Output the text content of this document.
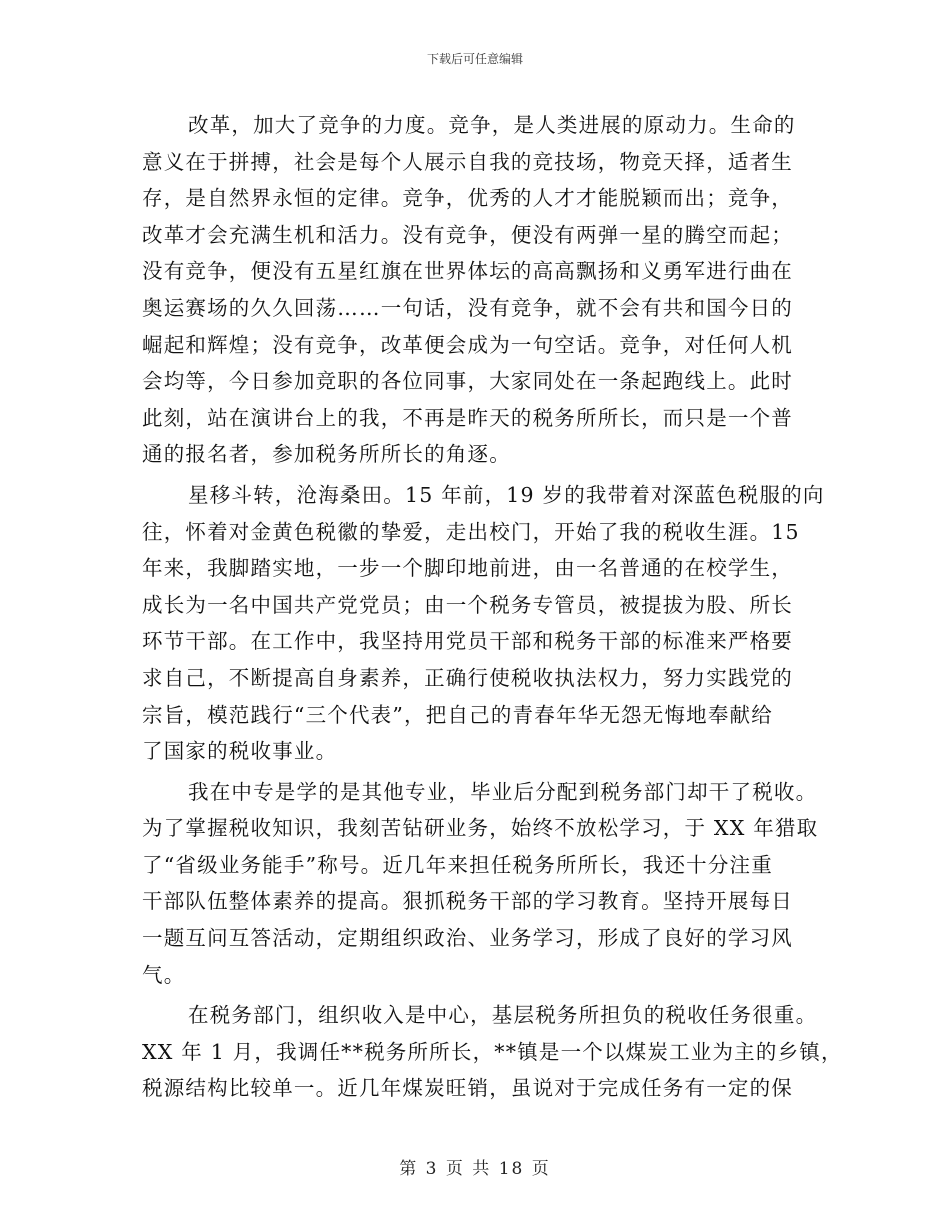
下载后可任意编辑
改革，加大了竞争的力度。竞争，是人类进展的原动力。生命的
意义在于拼搏，社会是每个人展示自我的竞技场，物竞天择，适者生
存，是自然界永恒的定律。竞争，优秀的人才才能脱颖而出；竞争，
改革才会充满生机和活力。没有竞争，便没有两弹一星的腾空而起；
没有竞争，便没有五星红旗在世界体坛的高高飘扬和义勇军进行曲在
奥运赛场的久久回荡……一句话，没有竞争，就不会有共和国今日的
崛起和辉煌；没有竞争，改革便会成为一句空话。竞争，对任何人机
会均等，今日参加竞职的各位同事，大家同处在一条起跑线上。此时
此刻，站在演讲台上的我，不再是昨天的税务所所长，而只是一个普
通的报名者，参加税务所所长的角逐。
星移斗转，沧海桑田。15 年前，19 岁的我带着对深蓝色税服的向
往，怀着对金黄色税徽的挚爱，走出校门，开始了我的税收生涯。15
年来，我脚踏实地，一步一个脚印地前进，由一名普通的在校学生，
成长为一名中国共产党党员；由一个税务专管员，被提拔为股、所长
环节干部。在工作中，我坚持用党员干部和税务干部的标准来严格要
求自己，不断提高自身素养，正确行使税收执法权力，努力实践党的
宗旨，模范践行“三个代表”，把自己的青春年华无怨无悔地奉献给
了国家的税收事业。
我在中专是学的是其他专业，毕业后分配到税务部门却干了税收。
为了掌握税收知识，我刻苦钻研业务，始终不放松学习，于 XX 年猎取
了“省级业务能手”称号。近几年来担任税务所所长，我还十分注重
干部队伍整体素养的提高。狠抓税务干部的学习教育。坚持开展每日
一题互问互答活动，定期组织政治、业务学习，形成了良好的学习风
气。
在税务部门，组织收入是中心，基层税务所担负的税收任务很重。
XX 年 1 月，我调任**税务所所长，**镇是一个以煤炭工业为主的乡镇，
税源结构比较单一。近几年煤炭旺销，虽说对于完成任务有一定的保
第 3 页 共 18 页
